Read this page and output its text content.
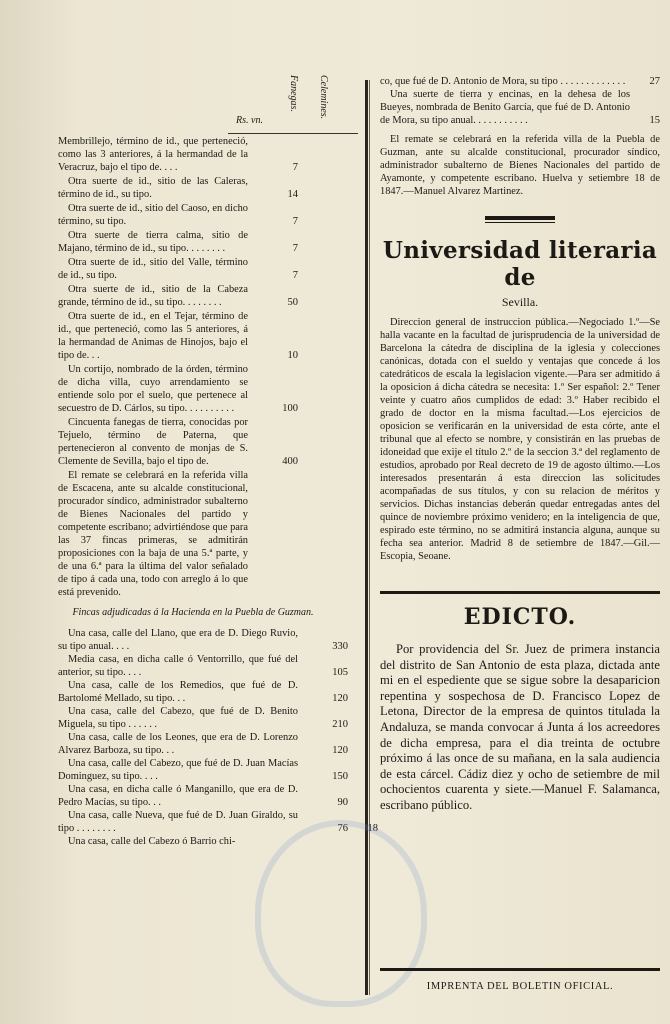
Rs. vn.
Fanegas. Celemines.
Membrillejo, término de id., que perteneció, como las 3 anteriores, á la hermandad de la Veracruz, bajo el tipo de. . . .	7
Otra suerte de id., sitio de las Caleras, término de id., su tipo.	14
Otra suerte de id., sitio del Caoso, en dicho término, su tipo.	7
Otra suerte de tierra calma, sitio de Majano, término de id., su tipo. . . . . . . .	7
Otra suerte de id., sitio del Valle, término de id., su tipo.	7
Otra suerte de id., sitio de la Cabeza grande, término de id., su tipo. . . . . . . .	50
Otra suerte de id., en el Tejar, término de id., que perteneció, como las 5 anteriores, á la hermandad de Animas de Hinojos, bajo el tipo de. . .	10
Un cortijo, nombrado de la órden, término de dicha villa, cuyo arrendamiento se entiende solo por el suelo, que pertenece al secuestro de D. Cárlos, su tipo. . . . . . . . . .	100
Cincuenta fanegas de tierra, conocidas por Tejuelo, término de Paterna, que pertenecieron al convento de monjas de S. Clemente de Sevilla, bajo el tipo de.	400
El remate se celebrará en la referida villa de Escacena, ante su alcalde constitucional, procurador síndico, administrador subalterno de Bienes Nacionales del partido y competente escribano; advirtiéndose que para las 37 fincas primeras, se admitirán proposiciones con la baja de una 5.ª parte, y de una 6.ª para la última del valor señalado de tipo á cada una, todo con arreglo á lo que está prevenido.
Fincas adjudicadas á la Hacienda en la Puebla de Guzman.
Una casa, calle del Llano, que era de D. Diego Ruvio, su tipo anual. . . .	330
Media casa, en dicha calle ó Ventorrillo, que fué del anterior, su tipo. . . .	105
Una casa, calle de los Remedios, que fué de D. Bartolomé Mellado, su tipo. . .	120
Una casa, calle del Cabezo, que fué de D. Benito Miguela, su tipo . . . . . .	210
Una casa, calle de los Leones, que era de D. Lorenzo Alvarez Barboza, su tipo. . .	120
Una casa, calle del Cabezo, que fué de D. Juan Macías Dominguez, su tipo. . . .	150
Una casa, en dicha calle ó Manganillo, que era de D. Pedro Macías, su tipo. . .	90
Una casa, calle Nueva, que fué de D. Juan Giraldo, su tipo . . . . . . . .	76	18
Una casa, calle del Cabezo ó Barrio chi-
co, que fué de D. Antonio de Mora, su tipo . . . . . . . . . . . . .	27
Una suerte de tierra y encinas, en la dehesa de los Bueyes, nombrada de Benito García, que fué de D. Antonio de Mora, su tipo anual. . . . . . . . . . .	15
El remate se celebrará en la referida villa de la Puebla de Guzman, ante su alcalde constitucional, procurador síndico, administrador subalterno de Bienes Nacionales del partido de Ayamonte, y competente escribano. Huelva y setiembre 18 de 1847.—Manuel Alvarez Martinez.
Universidad literaria de
Sevilla.
Direccion general de instruccion pública.—Negociado 1.º—Se halla vacante en la facultad de jurisprudencia de la universidad de Barcelona la cátedra de disciplina de la iglesia y colecciones canónicas, dotada con el sueldo y ventajas que concede á los catedráticos de escala la legislacion vigente.—Para ser admitido á la oposicion á dicha cátedra se necesita: 1.º Ser español: 2.º Tener veinte y cuatro años cumplidos de edad: 3.º Haber recibido el grado de doctor en la misma facultad.—Los ejercicios de oposicion se verificarán en la universidad de esta córte, ante el tribunal que al efecto se nombre, y consistirán en las pruebas de idoneidad que exije el título 2.º de la seccion 3.ª del reglamento de estudios, aprobado por Real decreto de 19 de agosto último.—Los interesados presentarán á esta direccion las solicitudes acompañadas de sus títulos, y con su relacion de méritos y servicios. Dichas instancias deberán quedar entregadas antes del quince de noviembre próximo venidero; en la inteligencia de que, espirado este término, no se admitirá instancia alguna, aunque su fecha sea anterior. Madrid 8 de setiembre de 1847.—Gil.—Escopia, Seoane.
EDICTO.
Por providencia del Sr. Juez de primera instancia del distrito de San Antonio de esta plaza, dictada ante mi en el espediente que se sigue sobre la desaparicion repentina y sospechosa de D. Francisco Lopez de Letona, Director de la empresa de quintos titulada la Andaluza, se manda convocar á Junta á los acreedores de dicha empresa, para el dia treinta de octubre próximo á las once de su mañana, en la sala audiencia de esta cárcel. Cádiz diez y ocho de setiembre de mil ochocientos cuarenta y siete.—Manuel F. Salamanca, escribano público.
IMPRENTA DEL BOLETIN OFICIAL.
